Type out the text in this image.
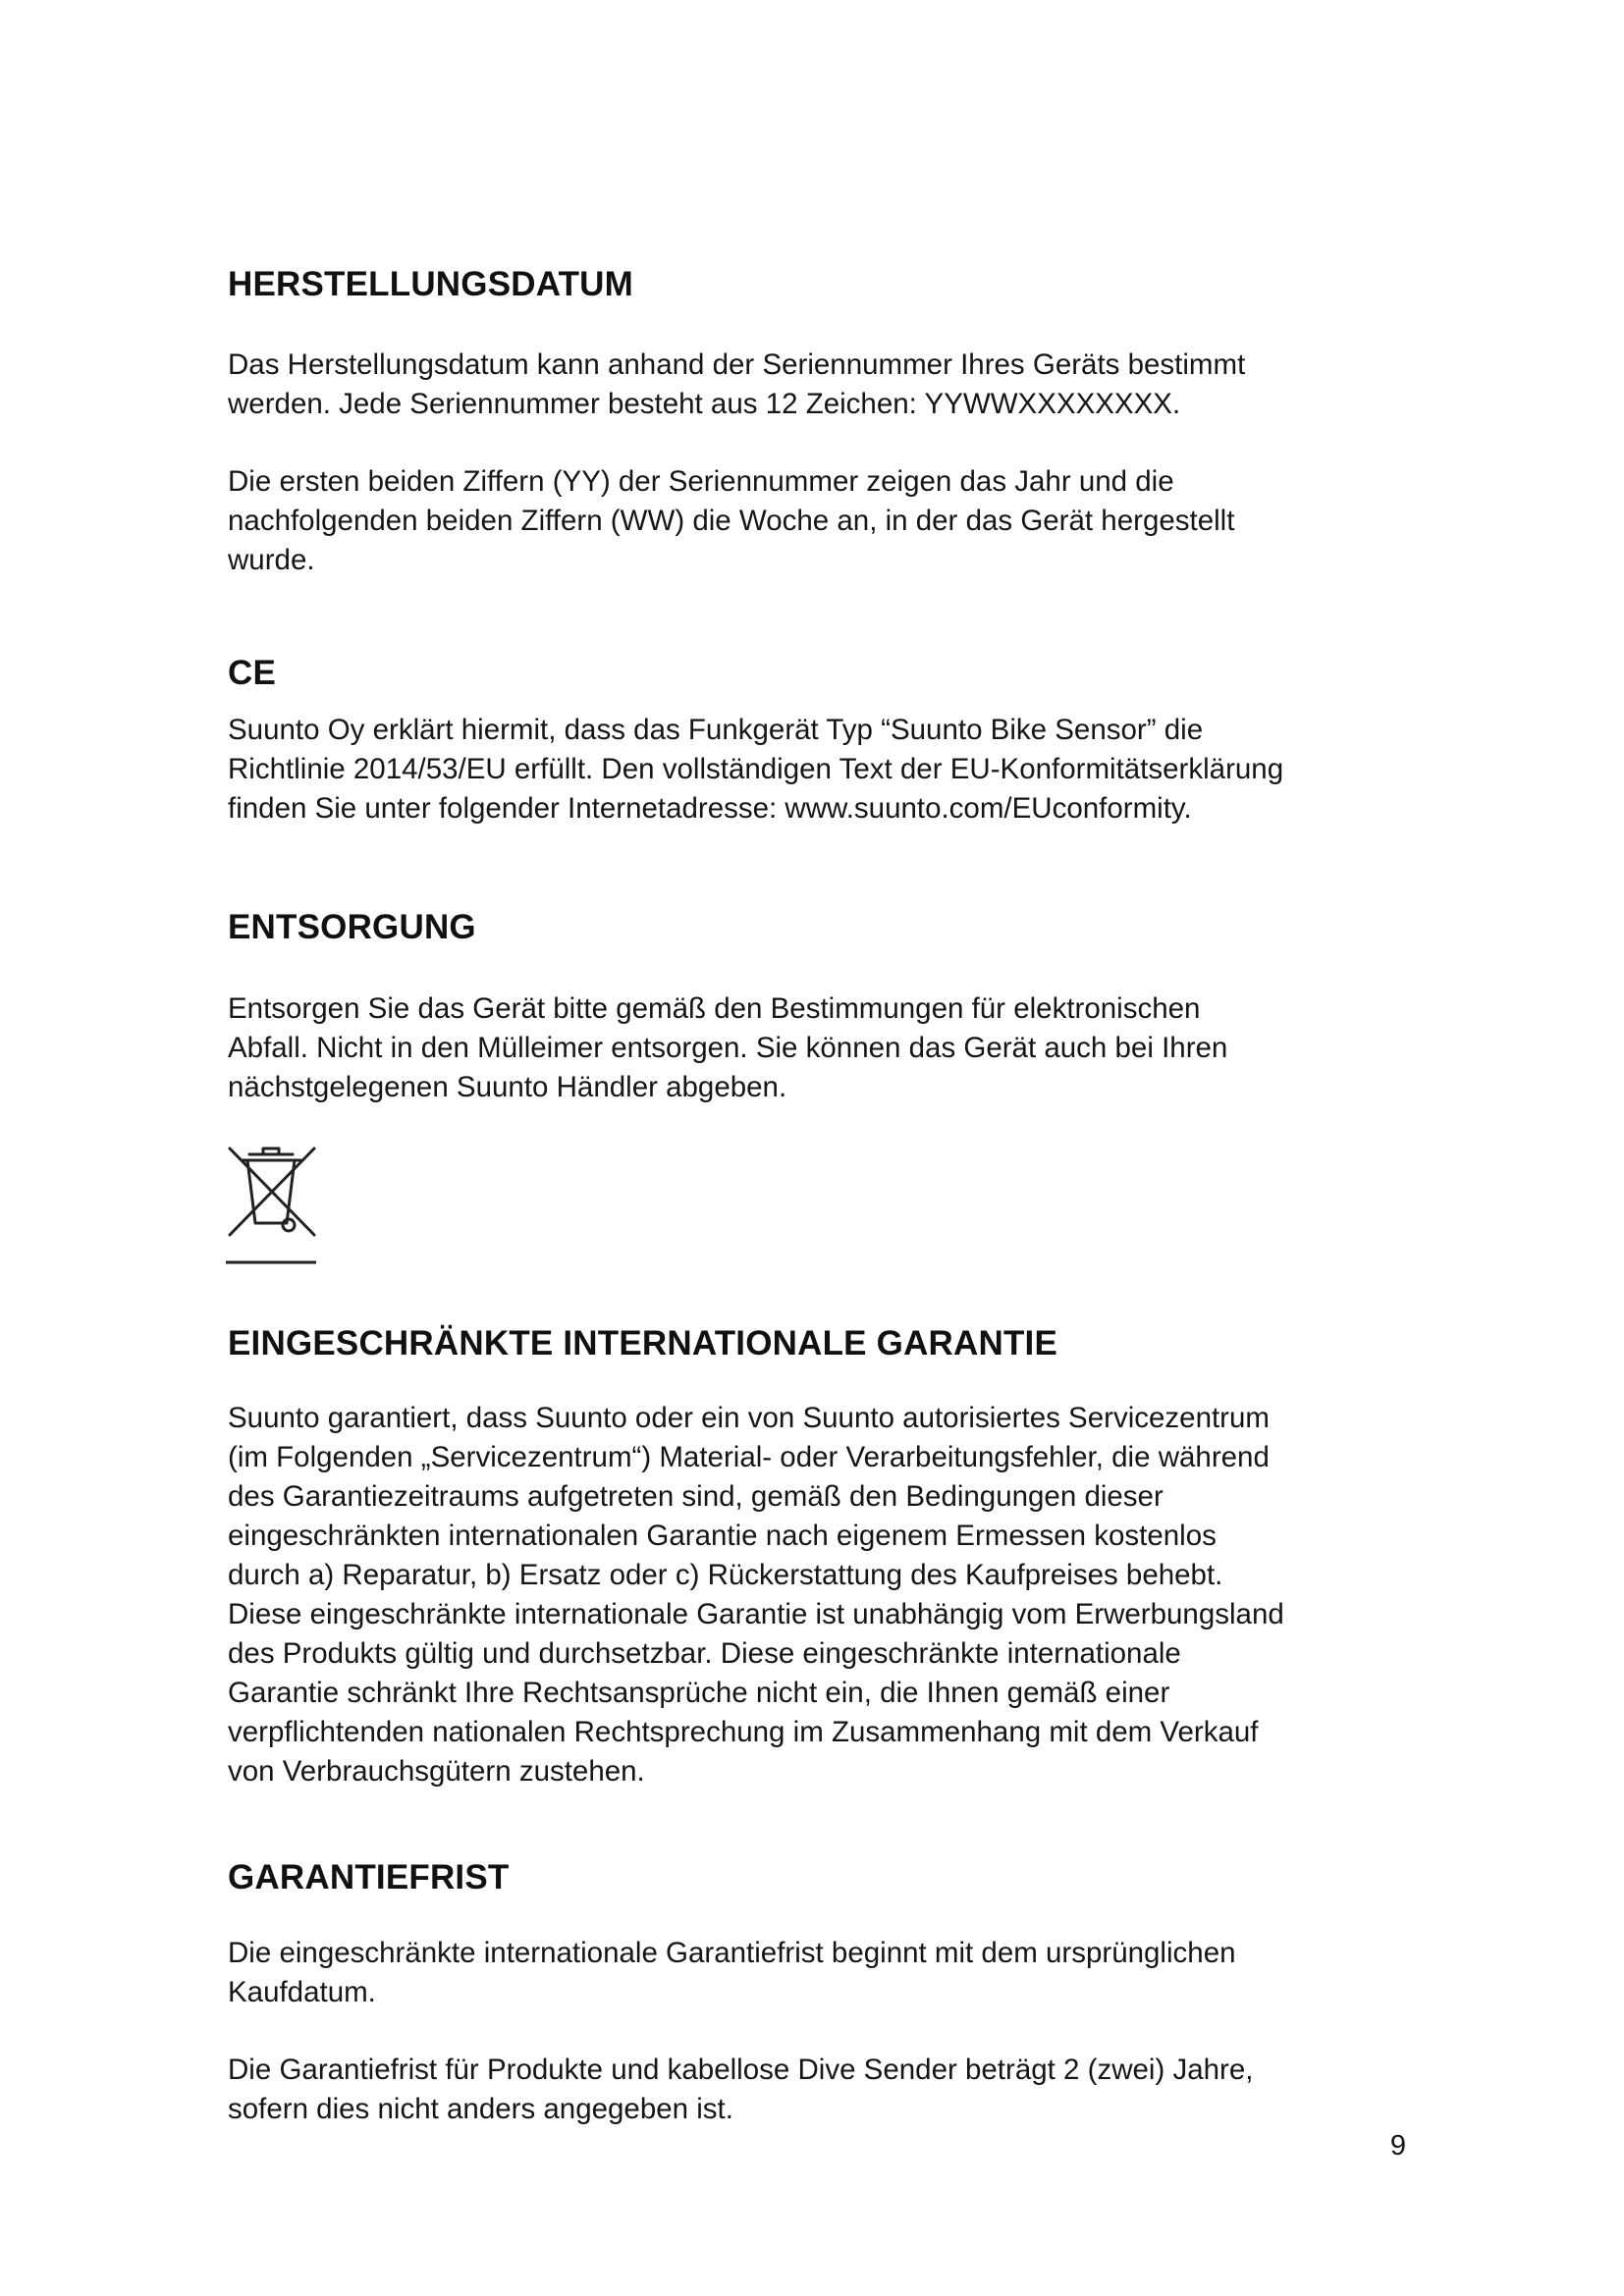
HERSTELLUNGSDATUM

Das Herstellungsdatum kann anhand der Seriennummer Ihres Geräts bestimmt

werden. Jede Seriennummer besteht aus 12 Zeichen: YYWWXXXXXXXX.

Die ersten beiden Ziffern (YY) der Seriennummer zeigen das Jahr und die

nachfolgenden beiden Ziffern (WW) die Woche an, in der das Gerät hergestellt

wurde.

CE

Suunto Oy erklärt hiermit, dass das Funkgerät Typ “Suunto Bike Sensor” die

Richtlinie 2014/53/EU erfüllt. Den vollständigen Text der EU-Konformitätserklärung

finden Sie unter folgender Internetadresse: www.suunto.com/EUconformity.

ENTSORGUNG

Entsorgen Sie das Gerät bitte gemäß den Bestimmungen für elektronischen

Abfall. Nicht in den Mülleimer entsorgen. Sie können das Gerät auch bei Ihren

nächstgelegenen Suunto Händler abgeben.

EINGESCHRÄNKTE INTERNATIONALE GARANTIE

Suunto garantiert, dass Suunto oder ein von Suunto autorisiertes Servicezentrum

(im Folgenden „Servicezentrum“) Material- oder Verarbeitungsfehler, die während

des Garantiezeitraums aufgetreten sind, gemäß den Bedingungen dieser

eingeschränkten internationalen Garantie nach eigenem Ermessen kostenlos

durch a) Reparatur, b) Ersatz oder c) Rückerstattung des Kaufpreises behebt.

Diese eingeschränkte internationale Garantie ist unabhängig vom Erwerbungsland

des Produkts gültig und durchsetzbar. Diese eingeschränkte internationale

Garantie schränkt Ihre Rechtsansprüche nicht ein, die Ihnen gemäß einer

verpflichtenden nationalen Rechtsprechung im Zusammenhang mit dem Verkauf

von Verbrauchsgütern zustehen.

GARANTIEFRIST

Die eingeschränkte internationale Garantiefrist beginnt mit dem ursprünglichen

Kaufdatum.

Die Garantiefrist für Produkte und kabellose Dive Sender beträgt 2 (zwei) Jahre,

sofern dies nicht anders angegeben ist.

9
